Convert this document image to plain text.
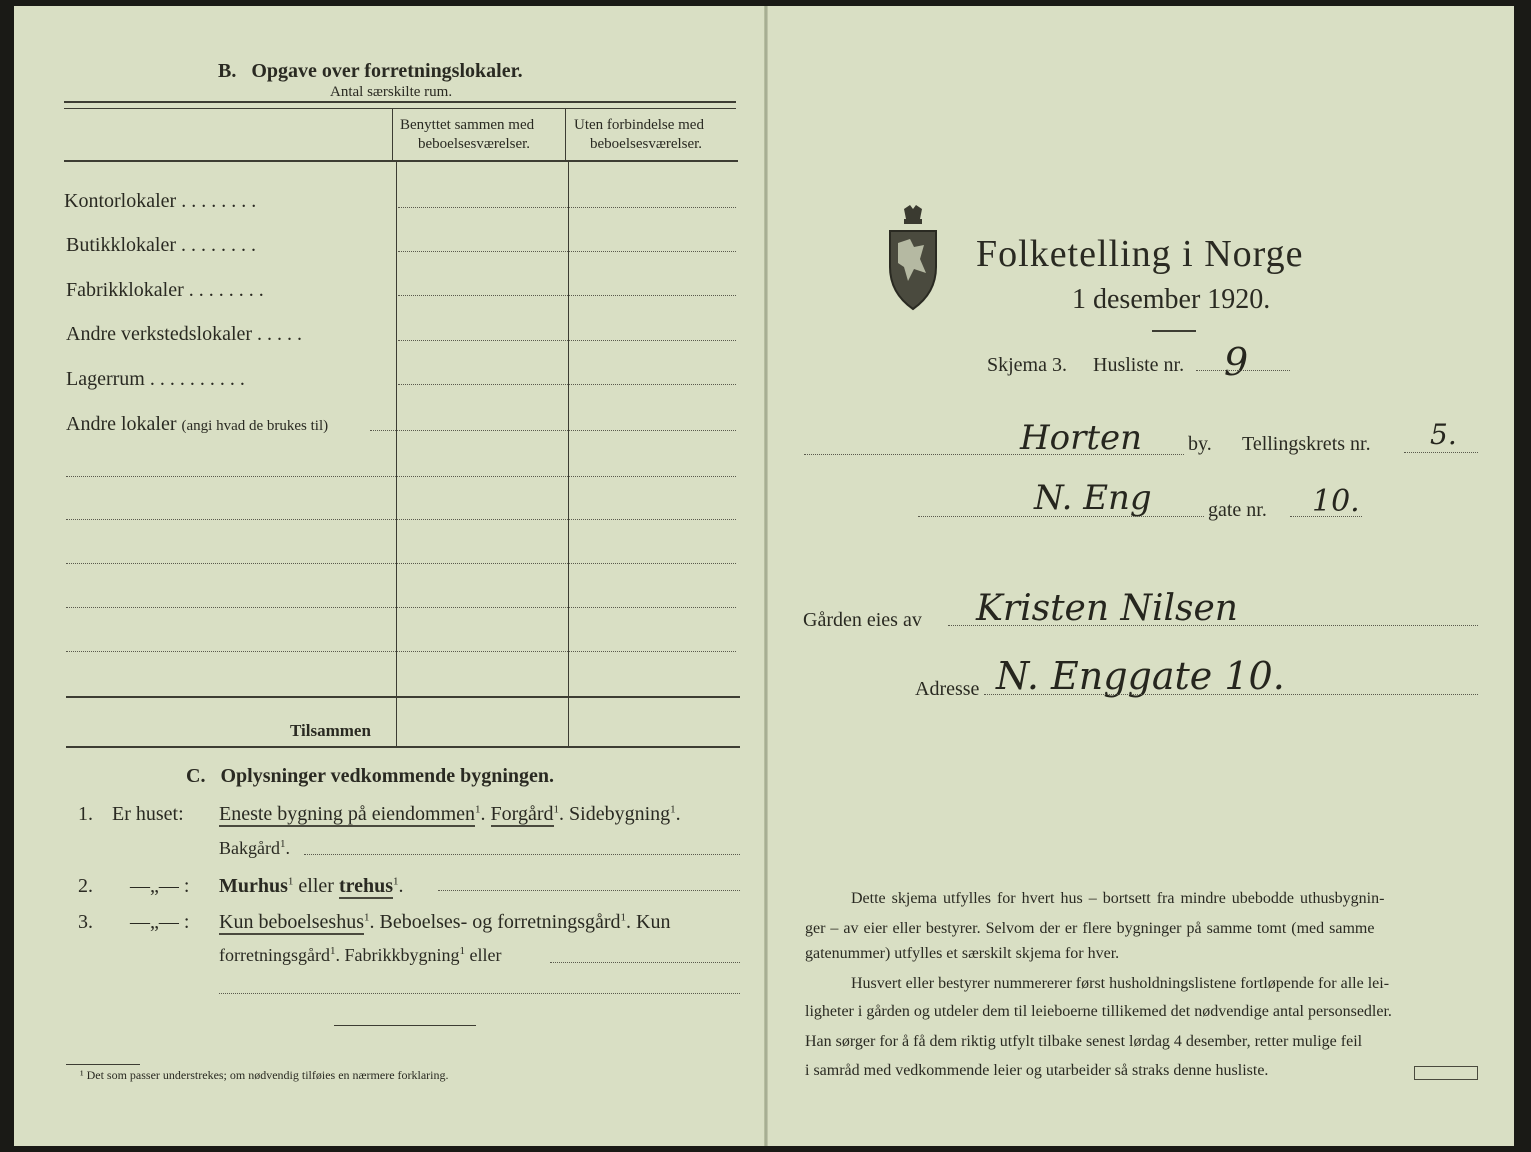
B. Opgave over forretningslokaler.
Antal særskilte rum.
Benyttet sammen med
beboelsesværelser.
Uten forbindelse med
beboelsesværelser.
Kontorlokaler . . . . . . . .
Butikklokaler . . . . . . . .
Fabrikklokaler . . . . . . . .
Andre verkstedslokaler . . . . .
Lagerrum . . . . . . . . . .
Andre lokaler (angi hvad de brukes til)
Tilsammen
C. Oplysninger vedkommende bygningen.
1. Er huset: Eneste bygning på eiendommen$^1$. Forgård$^1$. Sidebygning$^1$.
Bakgård$^1$.
2. —„— : Murhus$^1$ eller trehus$^1$.
3. —„— : Kun beboelseshus$^1$. Beboelses- og forretningsgård$^1$. Kun
forretningsgård$^1$. Fabrikkbygning$^1$ eller
¹ Det som passer understrekes; om nødvendig tilføies en nærmere forklaring.
Folketelling i Norge
1 desember 1920.
Skjema 3. Husliste nr. 9
Horten by. Tellingskrets nr. 5.
N. Eng	gate nr. 10.
Gården eies av Kristen Nilsen
Adresse N. Enggate 10.
Dette skjema utfylles for hvert hus – bortsett fra mindre ubebodde uthusbygnin-
ger – av eier eller bestyrer. Selvom der er flere bygninger på samme tomt (med samme
gatenummer) utfylles et særskilt skjema for hver.
Husvert eller bestyrer nummererer først husholdningslistene fortløpende for alle lei-
ligheter i gården og utdeler dem til leieboerne tillikemed det nødvendige antal personsedler.
Han sørger for å få dem riktig utfylt tilbake senest lørdag 4 desember, retter mulige feil
i samråd med vedkommende leier og utarbeider så straks denne husliste.
